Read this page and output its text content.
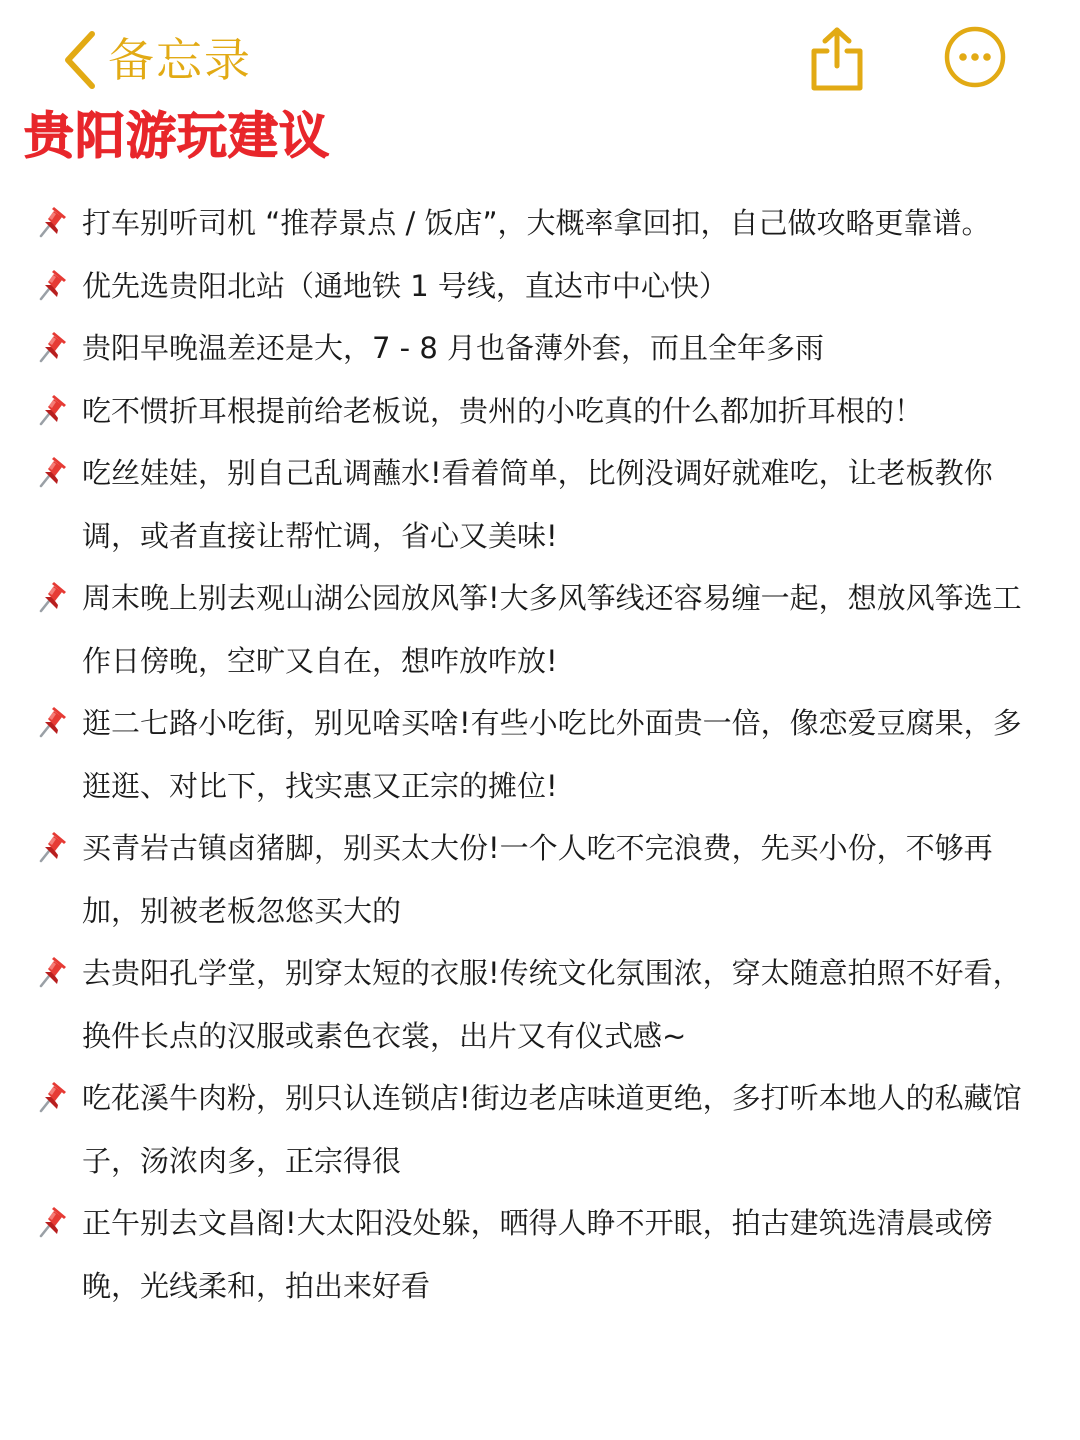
备忘录
贵阳游玩建议
打车别听司机 “推荐景点 / 饭店”，大概率拿回扣，自己做攻略更靠谱。
优先选贵阳北站（通地铁 1 号线，直达市中心快）
贵阳早晚温差还是大，7 - 8 月也备薄外套，而且全年多雨
吃不惯折耳根提前给老板说，贵州的小吃真的什么都加折耳根的！
吃丝娃娃，别自己乱调蘸水!看着简单，比例没调好就难吃，让老板教你调，或者直接让帮忙调，省心又美味!
周末晚上别去观山湖公园放风筝!大多风筝线还容易缠一起，想放风筝选工作日傍晚，空旷又自在，想咋放咋放!
逛二七路小吃街，别见啥买啥!有些小吃比外面贵一倍，像恋爱豆腐果，多逛逛、对比下，找实惠又正宗的摊位!
买青岩古镇卤猪脚，别买太大份!一个人吃不完浪费，先买小份，不够再加，别被老板忽悠买大的
去贵阳孔学堂，别穿太短的衣服!传统文化氛围浓，穿太随意拍照不好看，换件长点的汉服或素色衣裳，出片又有仪式感~
吃花溪牛肉粉，别只认连锁店!街边老店味道更绝，多打听本地人的私藏馆子，汤浓肉多，正宗得很
正午别去文昌阁!大太阳没处躲，晒得人睁不开眼，拍古建筑选清晨或傍晚，光线柔和，拍出来好看
